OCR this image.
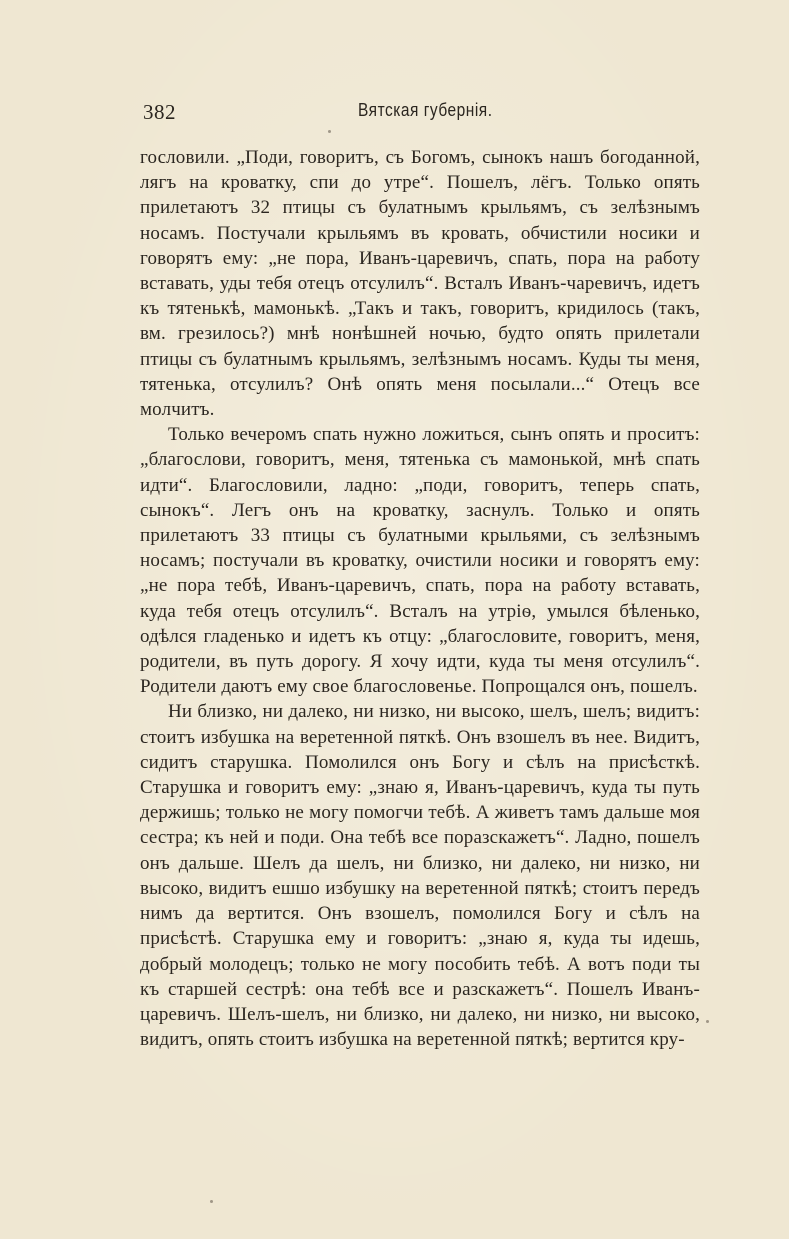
382	Вятская губернія.

гословили. „Поди, говоритъ, съ Богомъ, сынокъ нашъ богоданной, лягъ на кроватку, спи до утре“. Пошелъ, лёгъ. Только опять прилетаютъ 32 птицы съ булатнымъ крыльямъ, съ зелѣзнымъ носамъ. Постучали крыльямъ въ кровать, обчистили носики и говорятъ ему: „не пора, Иванъ-царевичъ, спать, пора на работу вставать, уды тебя отецъ отсулилъ“. Всталъ Иванъ-чаревичъ, идетъ къ тятенькѣ, мамонькѣ. „Такъ и такъ, говоритъ, кридилось (такъ, вм. грезилось?) мнѣ нонѣшней ночью, будто опять прилетали птицы съ булатнымъ крыльямъ, зелѣзнымъ носамъ. Куды ты меня, тятенька, отсулилъ? Онѣ опять меня посылали...“ Отецъ все молчитъ.

Только вечеромъ спать нужно ложиться, сынъ опять и проситъ: „благослови, говоритъ, меня, тятенька съ мамонькой, мнѣ спать идти“. Благословили, ладно: „поди, говоритъ, теперь спать, сынокъ“. Легъ онъ на кроватку, заснулъ. Только и опять прилетаютъ 33 птицы съ булатными крыльями, съ зелѣзнымъ носамъ; постучали въ кроватку, очистили носики и говорятъ ему: „не пора тебѣ, Иванъ-царевичъ, спать, пора на работу вставать, куда тебя отецъ отсулилъ“. Всталъ на утріѳ, умылся бѣленько, одѣлся гладенько и идетъ къ отцу: „благословите, говоритъ, меня, родители, въ путь дорогу. Я хочу идти, куда ты меня отсулилъ“. Родители даютъ ему свое благословенье. Попрощался онъ, пошелъ.

Ни близко, ни далеко, ни низко, ни высоко, шелъ, шелъ; видитъ: стоитъ избушка на веретенной пяткѣ. Онъ взошелъ въ нее. Видитъ, сидитъ старушка. Помолился онъ Богу и сѣлъ на присѣсткѣ. Старушка и говоритъ ему: „знаю я, Иванъ-царевичъ, куда ты путь держишь; только не могу помогчи тебѣ. А живетъ тамъ дальше моя сестра; къ ней и поди. Она тебѣ все поразскажетъ“. Ладно, пошелъ онъ дальше. Шелъ да шелъ, ни близко, ни далеко, ни низко, ни высоко, видитъ ешшо избушку на веретенной пяткѣ; стоитъ передъ нимъ да вертится. Онъ взошелъ, помолился Богу и сѣлъ на присѣстѣ. Старушка ему и говоритъ: „знаю я, куда ты идешь, добрый молодецъ; только не могу пособить тебѣ. А вотъ поди ты къ старшей сестрѣ: она тебѣ все и разскажетъ“. Пошелъ Иванъ-царевичъ. Шелъ-шелъ, ни близко, ни далеко, ни низко, ни высоко, видитъ, опять стоитъ избушка на веретенной пяткѣ; вертится кру-
